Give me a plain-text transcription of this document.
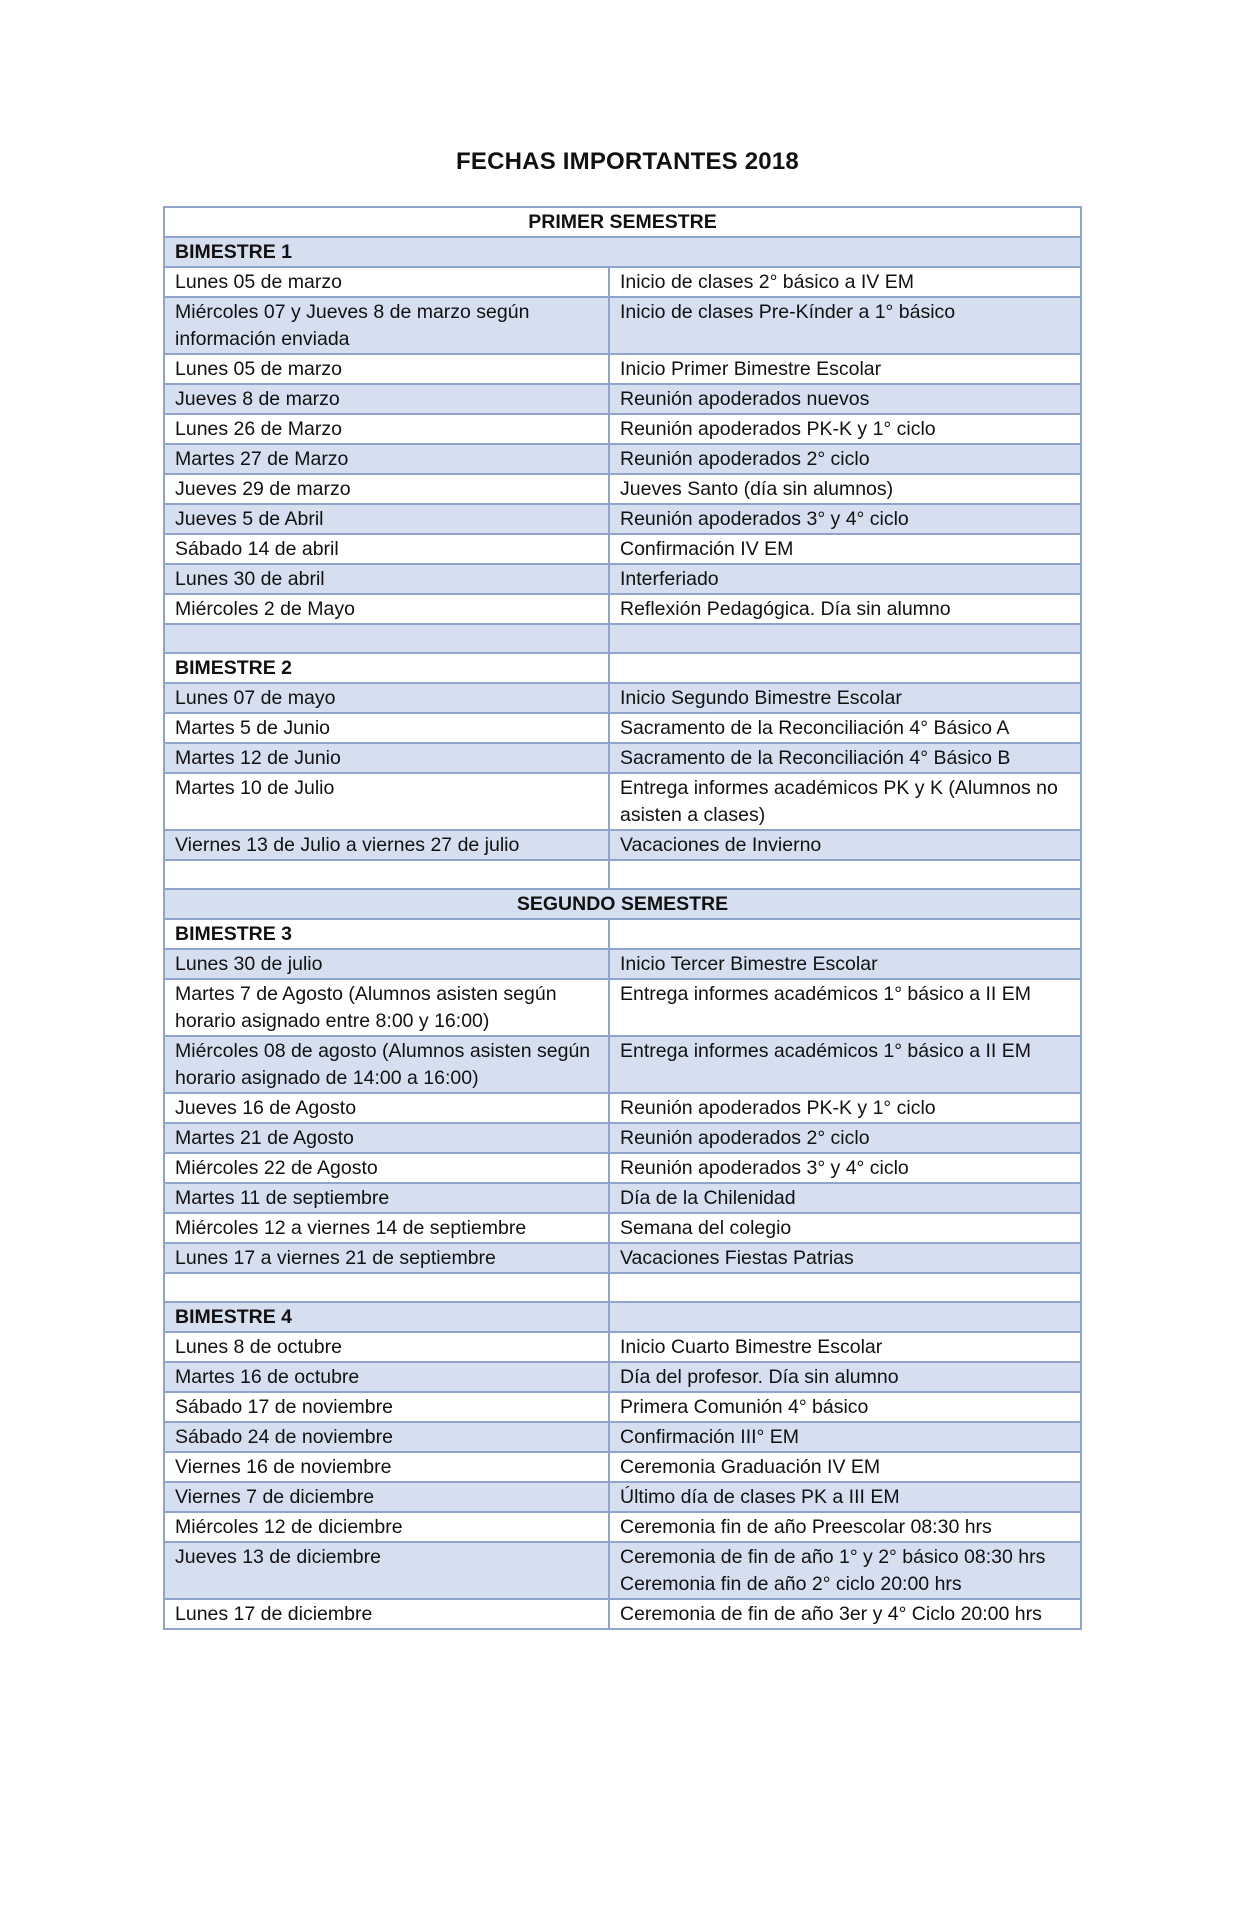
FECHAS IMPORTANTES 2018
PRIMER SEMESTRE	
BIMESTRE 1	
Lunes 05 de marzo	Inicio de clases 2° básico a IV EM
Miércoles 07 y Jueves 8 de marzo según información enviada	Inicio de clases Pre-Kínder a 1° básico
Lunes 05 de marzo	Inicio Primer Bimestre Escolar
Jueves 8 de marzo	Reunión apoderados nuevos
Lunes 26 de Marzo	Reunión apoderados PK-K y 1° ciclo
Martes 27 de Marzo	Reunión apoderados 2° ciclo
Jueves 29 de marzo	Jueves Santo (día sin alumnos)
Jueves 5 de Abril	Reunión apoderados 3° y 4° ciclo
Sábado 14 de abril	Confirmación IV EM
Lunes 30 de abril	Interferiado
Miércoles 2 de Mayo	Reflexión Pedagógica. Día sin alumno

BIMESTRE 2	
Lunes 07 de mayo	Inicio Segundo Bimestre Escolar
Martes 5 de Junio	Sacramento de la Reconciliación 4° Básico A
Martes 12 de Junio	Sacramento de la Reconciliación 4° Básico B
Martes 10 de Julio	Entrega informes académicos PK y K (Alumnos no asisten a clases)
Viernes 13 de Julio a viernes 27 de julio	Vacaciones de Invierno

SEGUNDO SEMESTRE	
BIMESTRE 3	
Lunes 30 de julio	Inicio Tercer Bimestre Escolar
Martes 7 de Agosto (Alumnos asisten según horario asignado entre 8:00 y 16:00)	Entrega informes académicos 1° básico a II EM
Miércoles 08 de agosto (Alumnos asisten según horario asignado de 14:00 a 16:00)	Entrega informes académicos 1° básico a II EM
Jueves 16 de Agosto	Reunión apoderados PK-K y 1° ciclo
Martes 21 de Agosto	Reunión apoderados 2° ciclo
Miércoles 22 de Agosto	Reunión apoderados 3° y 4° ciclo
Martes 11 de septiembre	Día de la Chilenidad
Miércoles 12 a viernes 14 de septiembre	Semana del colegio
Lunes 17 a viernes 21 de septiembre	Vacaciones Fiestas Patrias

BIMESTRE 4	
Lunes 8 de octubre	Inicio Cuarto Bimestre Escolar
Martes 16 de octubre	Día del profesor. Día sin alumno
Sábado 17 de noviembre	Primera Comunión 4° básico
Sábado 24 de noviembre	Confirmación III° EM
Viernes 16 de noviembre	Ceremonia Graduación IV EM
Viernes 7 de diciembre	Último día de clases PK a III EM
Miércoles 12 de diciembre	Ceremonia fin de año Preescolar 08:30 hrs
Jueves 13 de diciembre	Ceremonia de fin de año 1° y 2° básico 08:30 hrs Ceremonia fin de año 2° ciclo 20:00 hrs
Lunes 17 de diciembre	Ceremonia de fin de año 3er y 4° Ciclo 20:00 hrs
